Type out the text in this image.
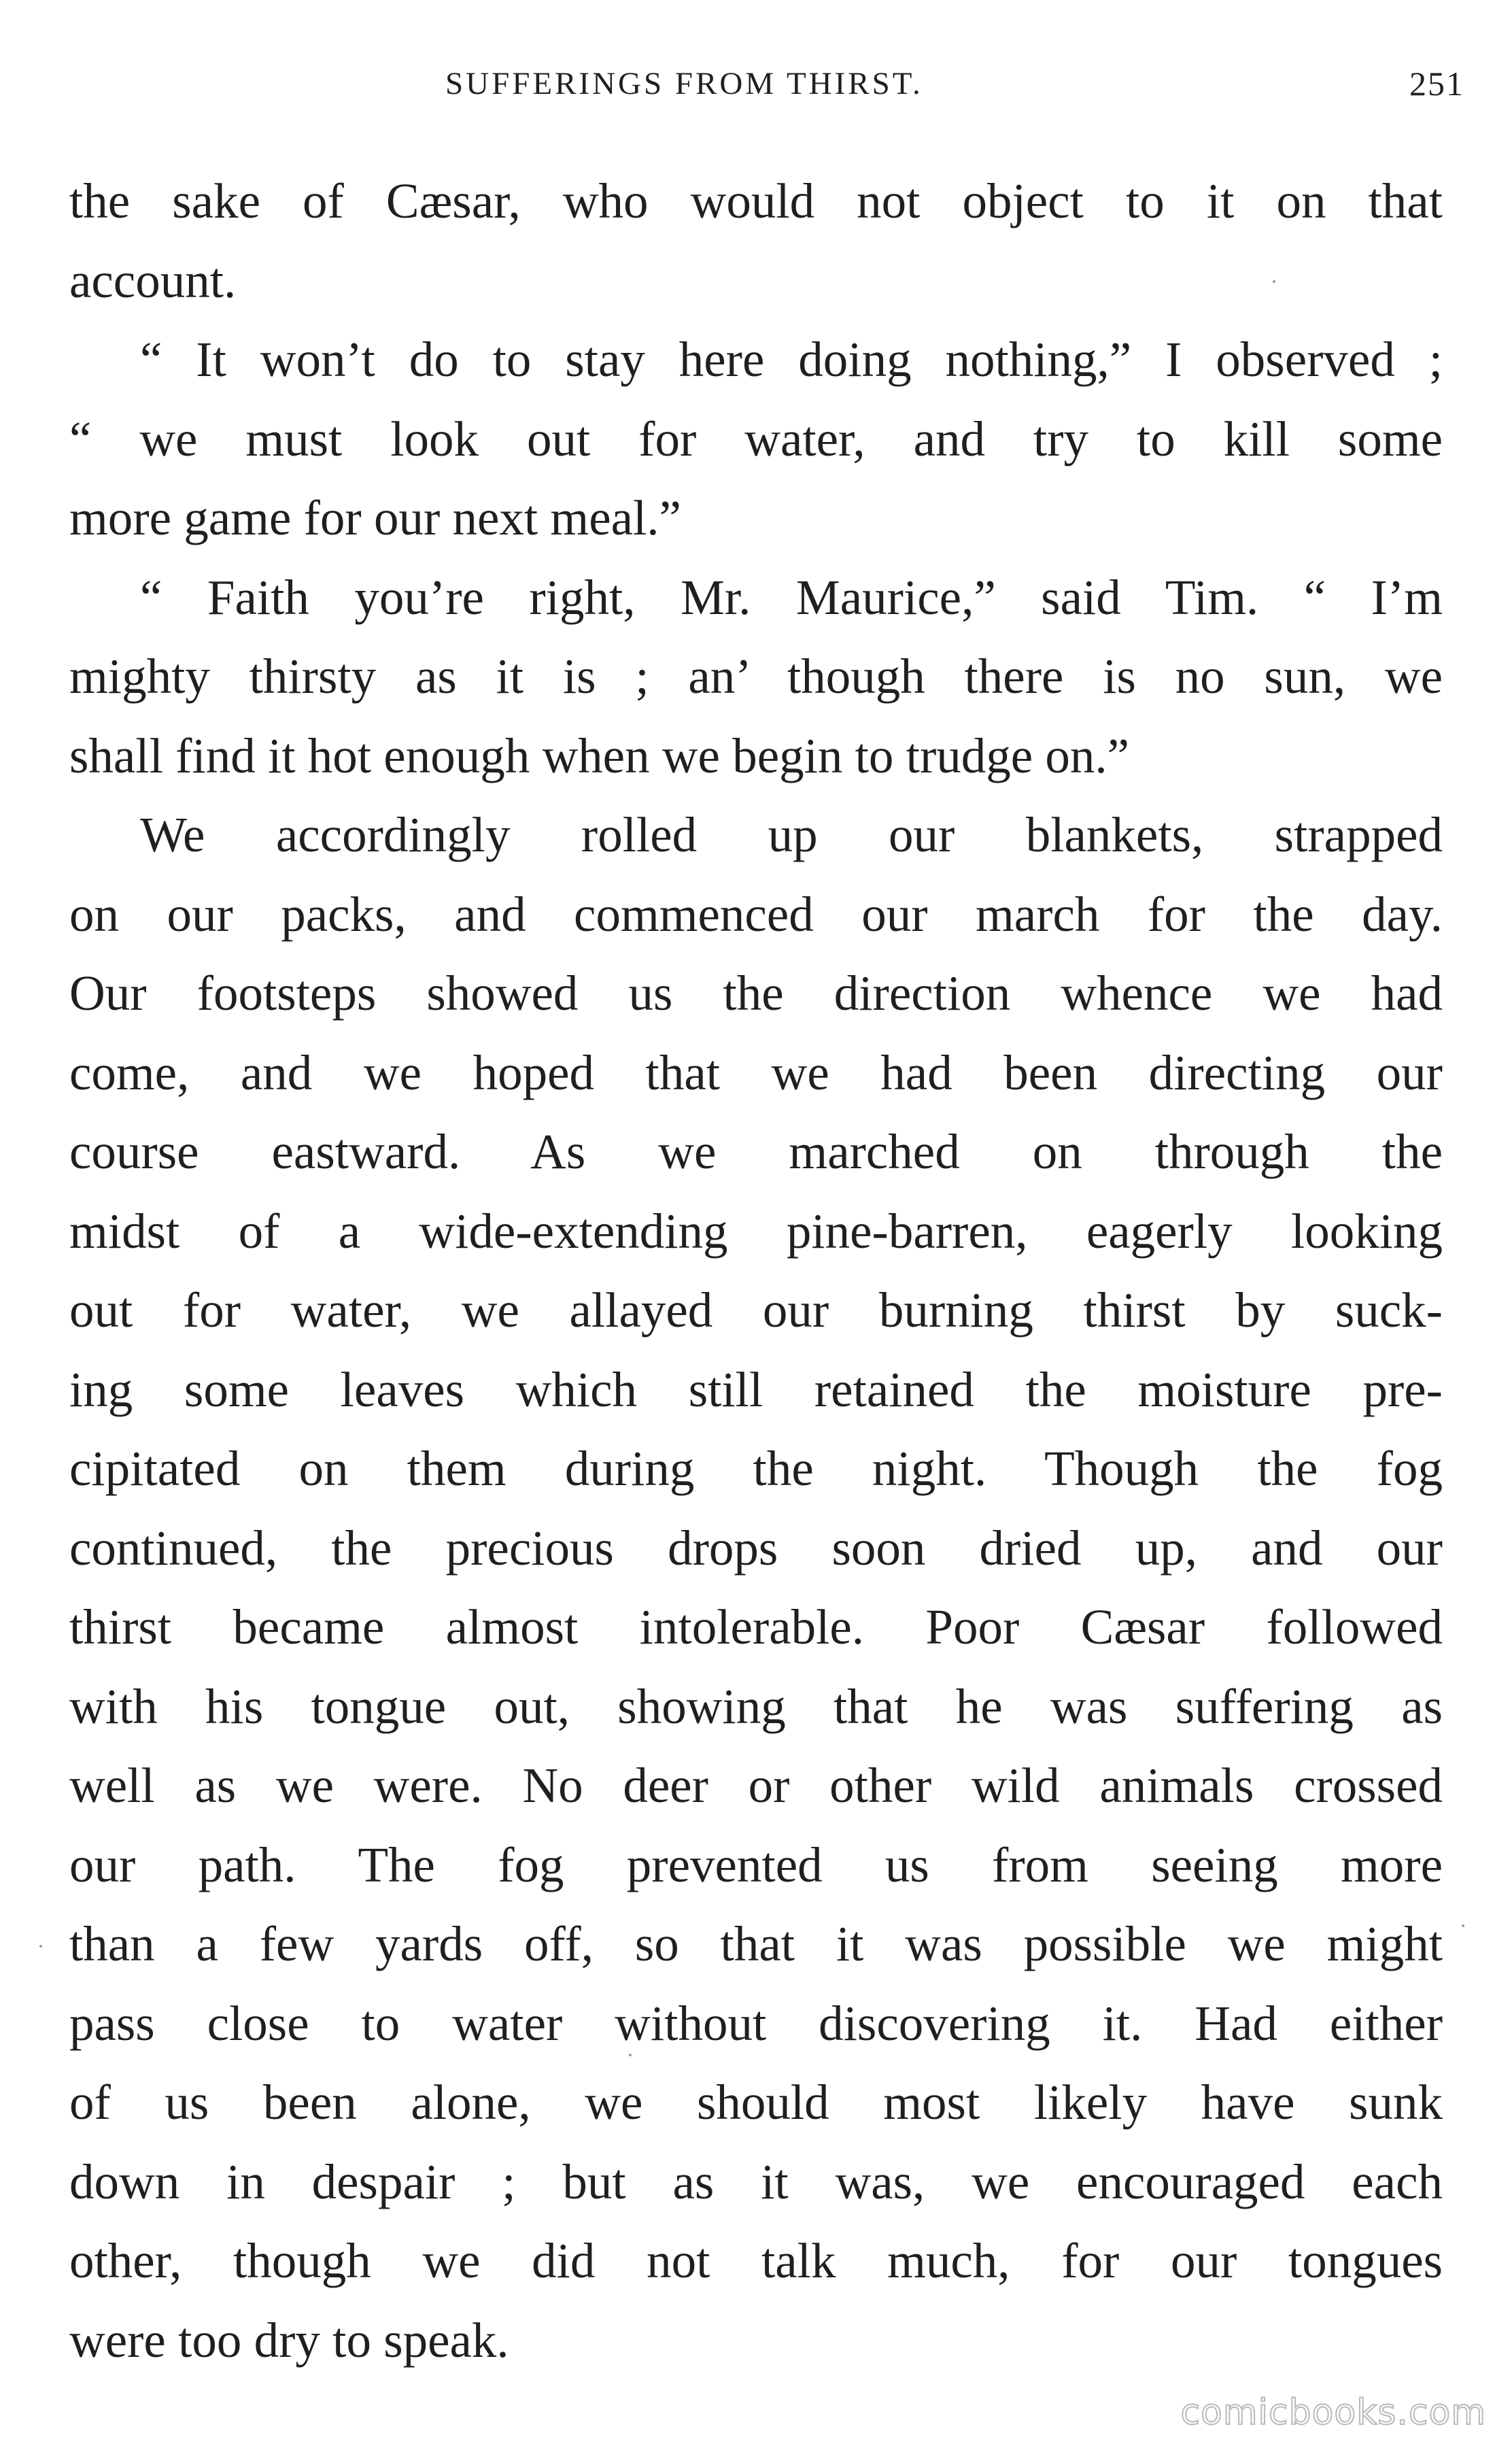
SUFFERINGS FROM THIRST.	251
the sake of Cæsar, who would not object to it on that
account.
“ It won’t do to stay here doing nothing,” I observed ;
“ we must look out for water, and try to kill some
more game for our next meal.”
“ Faith you’re right, Mr. Maurice,” said Tim. “ I’m
mighty thirsty as it is ; an’ though there is no sun, we
shall find it hot enough when we begin to trudge on.”
We accordingly rolled up our blankets, strapped
on our packs, and commenced our march for the day.
Our footsteps showed us the direction whence we had
come, and we hoped that we had been directing our
course eastward. As we marched on through the
midst of a wide-extending pine-barren, eagerly looking
out for water, we allayed our burning thirst by suck-
ing some leaves which still retained the moisture pre-
cipitated on them during the night. Though the fog
continued, the precious drops soon dried up, and our
thirst became almost intolerable. Poor Cæsar followed
with his tongue out, showing that he was suffering as
well as we were. No deer or other wild animals crossed
our path. The fog prevented us from seeing more
than a few yards off, so that it was possible we might
pass close to water without discovering it. Had either
of us been alone, we should most likely have sunk
down in despair ; but as it was, we encouraged each
other, though we did not talk much, for our tongues
were too dry to speak.
comicbooks.com
